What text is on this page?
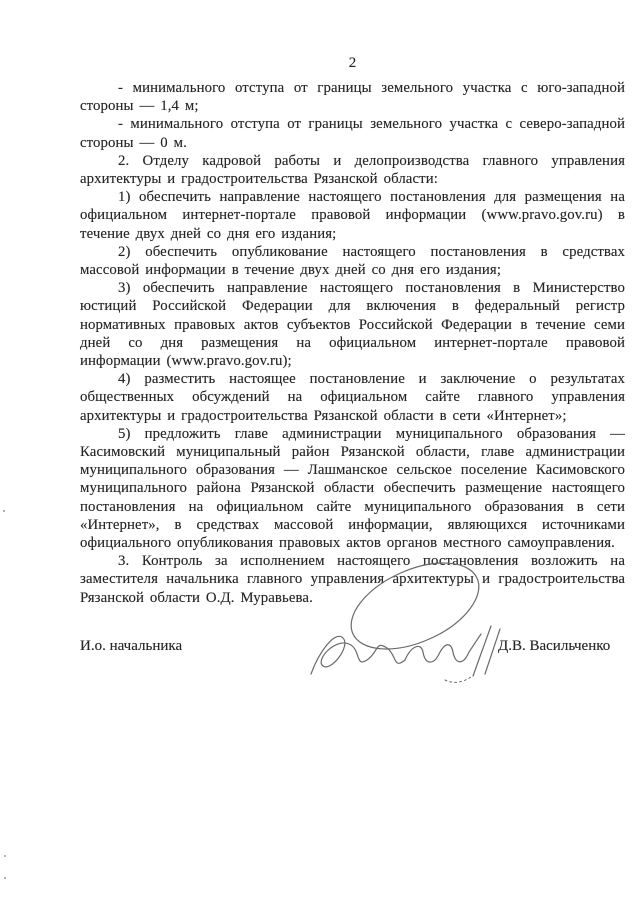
2

- минимального отступа от границы земельного участка с юго-западной стороны — 1,4 м;

- минимального отступа от границы земельного участка с северо-западной стороны — 0 м.

2. Отделу кадровой работы и делопроизводства главного управления архитектуры и градостроительства Рязанской области:

1) обеспечить направление настоящего постановления для размещения на официальном интернет-портале правовой информации (www.pravo.gov.ru) в течение двух дней со дня его издания;

2) обеспечить опубликование настоящего постановления в средствах массовой информации в течение двух дней со дня его издания;

3) обеспечить направление настоящего постановления в Министерство юстиций Российской Федерации для включения в федеральный регистр нормативных правовых актов субъектов Российской Федерации в течение семи дней со дня размещения на официальном интернет-портале правовой информации (www.pravo.gov.ru);

4) разместить настоящее постановление и заключение о результатах общественных обсуждений на официальном сайте главного управления архитектуры и градостроительства Рязанской области в сети «Интернет»;

5) предложить главе администрации муниципального образования — Касимовский муниципальный район Рязанской области, главе администрации муниципального образования — Лашманское сельское поселение Касимовского муниципального района Рязанской области обеспечить размещение настоящего постановления на официальном сайте муниципального образования в сети «Интернет», в средствах массовой информации, являющихся источниками официального опубликования правовых актов органов местного самоуправления.

3. Контроль за исполнением настоящего постановления возложить на заместителя начальника главного управления архитектуры и градостроительства Рязанской области О.Д. Муравьева.

И.о. начальника	Д.В. Васильченко
